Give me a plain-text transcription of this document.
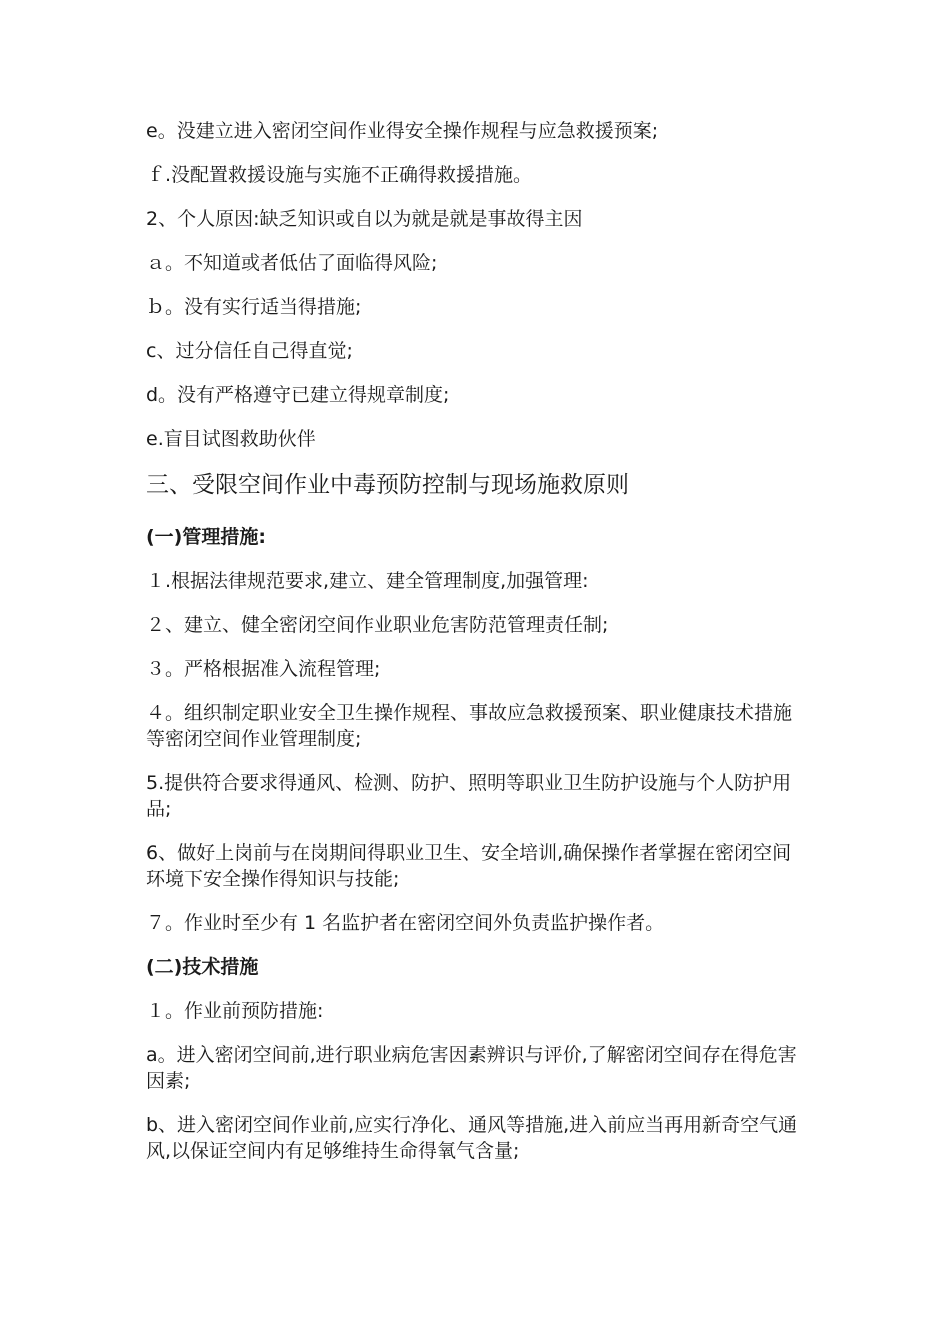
e。没建立进入密闭空间作业得安全操作规程与应急救援预案;

ｆ.没配置救援设施与实施不正确得救援措施。

2、个人原因:缺乏知识或自以为就是就是事故得主因

ａ。不知道或者低估了面临得风险;

ｂ。没有实行适当得措施;

c、过分信任自己得直觉;

d。没有严格遵守已建立得规章制度;

e.盲目试图救助伙伴

三、受限空间作业中毒预防控制与现场施救原则

(一)管理措施:

１.根据法律规范要求,建立、建全管理制度,加强管理:

２、建立、健全密闭空间作业职业危害防范管理责任制;

３。严格根据准入流程管理;

４。组织制定职业安全卫生操作规程、事故应急救援预案、职业健康技术措施等密闭空间作业管理制度;

5.提供符合要求得通风、检测、防护、照明等职业卫生防护设施与个人防护用品;

6、做好上岗前与在岗期间得职业卫生、安全培训,确保操作者掌握在密闭空间环境下安全操作得知识与技能;

７。作业时至少有 1 名监护者在密闭空间外负责监护操作者。

(二)技术措施

１。作业前预防措施:

a。进入密闭空间前,进行职业病危害因素辨识与评价,了解密闭空间存在得危害因素;

b、进入密闭空间作业前,应实行净化、通风等措施,进入前应当再用新奇空气通风,以保证空间内有足够维持生命得氧气含量;
